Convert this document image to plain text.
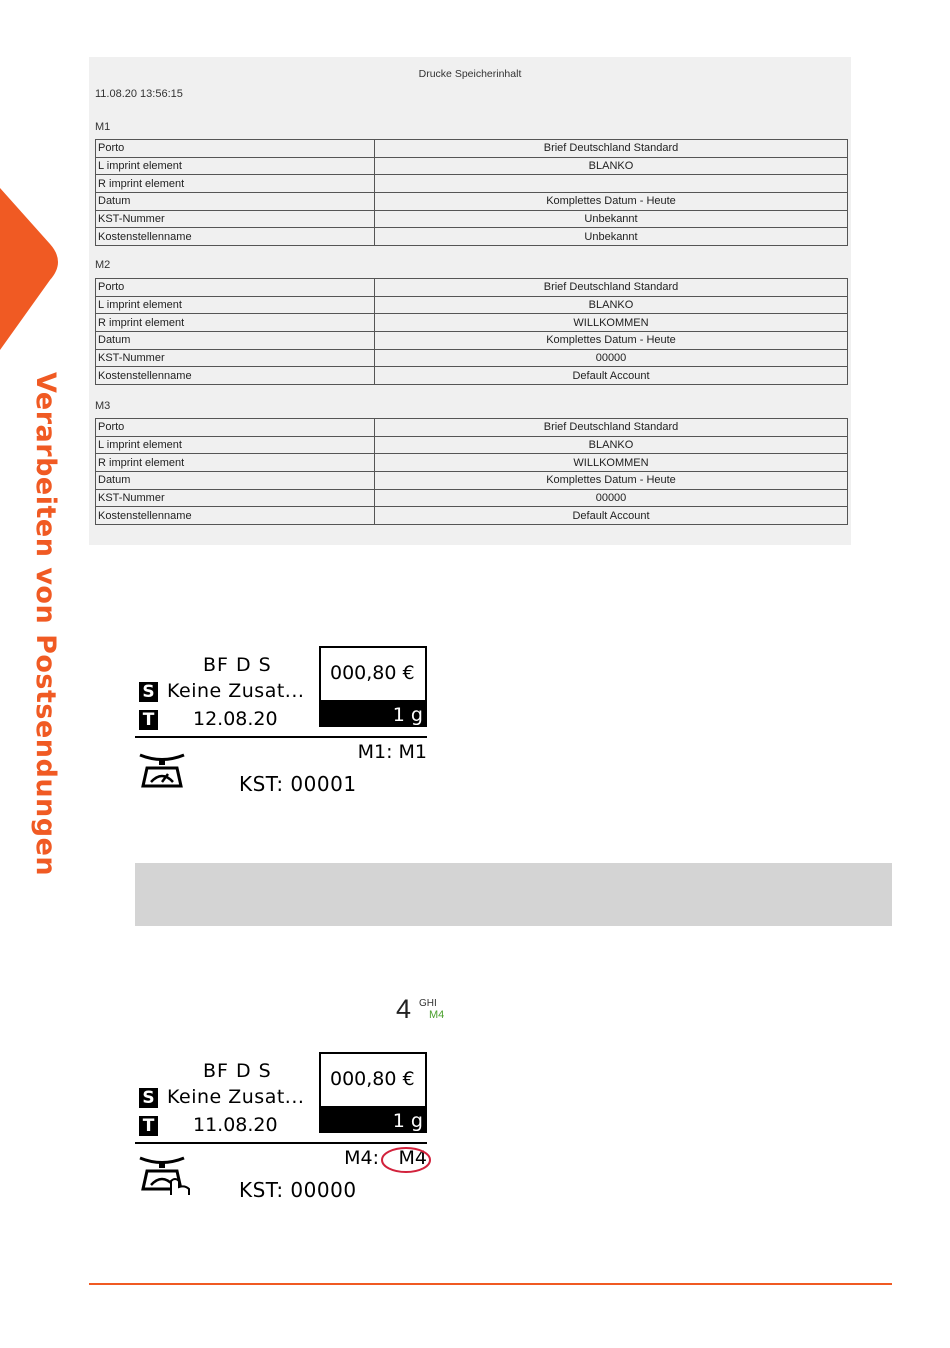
Verarbeiten von Postsendungen
Drucke Speicherinhalt
11.08.20 13:56:15
M1
Porto	Brief Deutschland Standard
L imprint element	BLANKO
R imprint element	
Datum	Komplettes Datum - Heute
KST-Nummer	Unbekannt
Kostenstellenname	Unbekannt
M2
Porto	Brief Deutschland Standard
L imprint element	BLANKO
R imprint element	WILLKOMMEN
Datum	Komplettes Datum - Heute
KST-Nummer	00000
Kostenstellenname	Default Account
M3
Porto	Brief Deutschland Standard
L imprint element	BLANKO
R imprint element	WILLKOMMEN
Datum	Komplettes Datum - Heute
KST-Nummer	00000
Kostenstellenname	Default Account
BF D S
S Keine Zusat...
T 12.08.20
000,80 €
1 g
M1: M1
KST: 00001
4 GHI
M4
BF D S
S Keine Zusat...
T 11.08.20
000,80 €
1 g
M4: M4
KST: 00000
